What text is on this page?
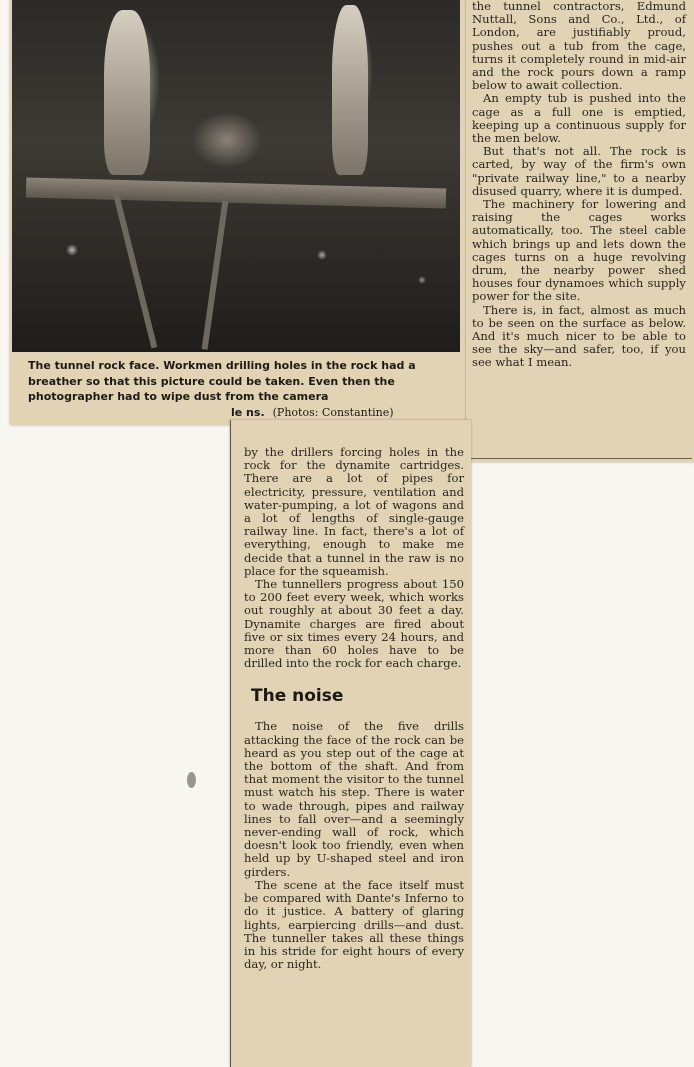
The tunnel rock face. Workmen drilling holes in the rock had a breather so that this picture could be taken. Even then the photographer had to wipe dust from the camera
le ns. (Photos: Constantine)

the tunnel contractors, Edmund Nuttall, Sons and Co., Ltd., of London, are justifiably proud, pushes out a tub from the cage, turns it completely round in mid-air and the rock pours down a ramp below to await collection.

An empty tub is pushed into the cage as a full one is emptied, keeping up a continuous supply for the men below.

But that's not all. The rock is carted, by way of the firm's own "private railway line," to a nearby disused quarry, where it is dumped.

The machinery for lowering and raising the cages works automatically, too. The steel cable which brings up and lets down the cages turns on a huge revolving drum, the nearby power shed houses four dynamoes which supply power for the site.

There is, in fact, almost as much to be seen on the surface as below. And it's much nicer to be able to see the sky—and safer, too, if you see what I mean.

by the drillers forcing holes in the rock for the dynamite cartridges. There are a lot of pipes for electricity, pressure, ventilation and water-pumping, a lot of wagons and a lot of lengths of single-gauge railway line. In fact, there's a lot of everything, enough to make me decide that a tunnel in the raw is no place for the squeamish.

The tunnellers progress about 150 to 200 feet every week, which works out roughly at about 30 feet a day. Dynamite charges are fired about five or six times every 24 hours, and more than 60 holes have to be drilled into the rock for each charge.

The noise

The noise of the five drills attacking the face of the rock can be heard as you step out of the cage at the bottom of the shaft. And from that moment the visitor to the tunnel must watch his step. There is water to wade through, pipes and railway lines to fall over—and a seemingly never-ending wall of rock, which doesn't look too friendly, even when held up by U-shaped steel and iron girders.

The scene at the face itself must be compared with Dante's Inferno to do it justice. A battery of glaring lights, earpiercing drills—and dust. The tunneller takes all these things in his stride for eight hours of every day, or night.
